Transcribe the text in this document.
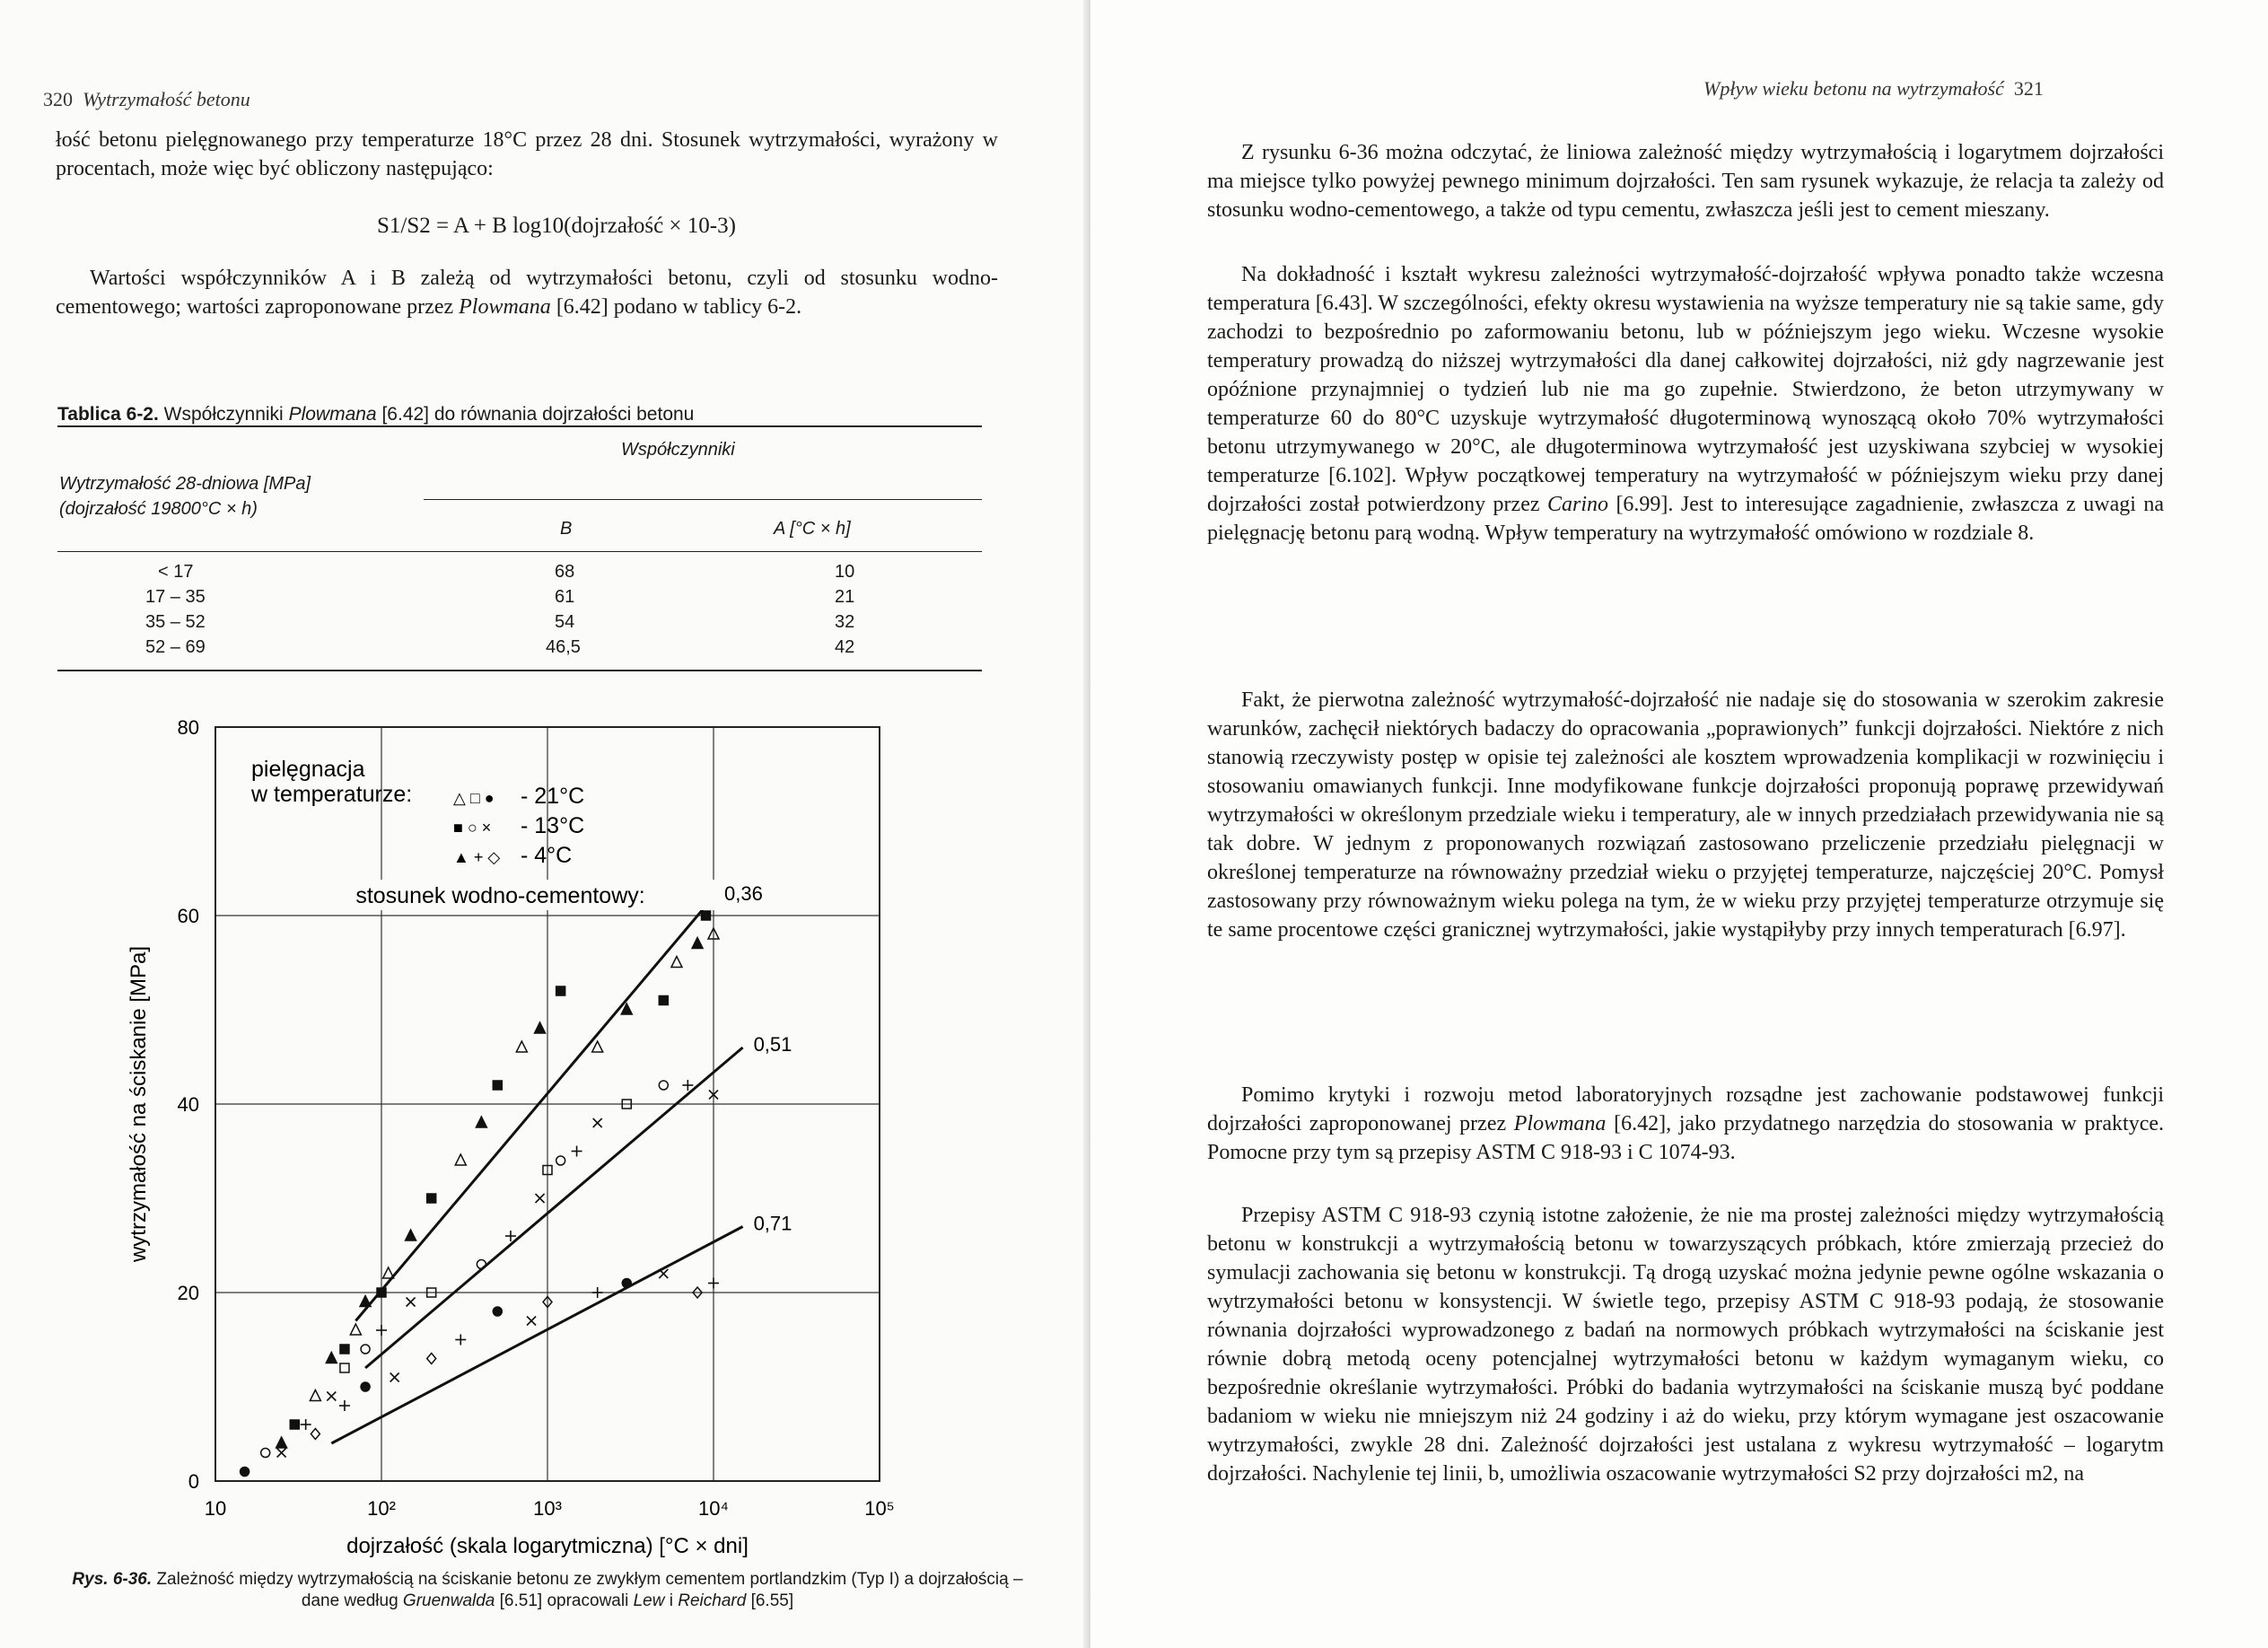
320 Wytrzymałość betonu

łość betonu pielęgnowanego przy temperaturze 18°C przez 28 dni. Stosunek wytrzymałości, wyrażony w procentach, może więc być obliczony następująco:

S1/S2 = A + B log10(dojrzałość × 10-3)

Wartości współczynników A i B zależą od wytrzymałości betonu, czyli od stosunku wodno-cementowego; wartości zaproponowane przez Plowmana [6.42] podano w tablicy 6-2.

Tablica 6-2. Współczynniki Plowmana [6.42] do równania dojrzałości betonu
Współczynniki
Wytrzymałość 28-dniowa [MPa]
(dojrzałość 19800°C × h)
B	A [°C × h]
< 17	68	10
17 – 35	61	21
35 – 52	54	32
52 – 69	46,5	42
0
20
40
60
80
10	10²	10³	10⁴	10⁵
dojrzałość (skala logarytmiczna) [°C × dni]
wytrzymałość na ściskanie [MPa]
0,36
0,51
0,71
pielęgnacja
w temperaturze:	△ □ ● - 21°C
■ ○ × - 13°C
▲ + ◇ - 4°C
stosunek wodno-cementowy:
Rys. 6-36. Zależność między wytrzymałością na ściskanie betonu ze zwykłym cementem portlandzkim (Typ I) a dojrzałością – dane według Gruenwalda [6.51] opracowali Lew i Reichard [6.55]
Wpływ wieku betonu na wytrzymałość 321

Z rysunku 6-36 można odczytać, że liniowa zależność między wytrzymałością i logarytmem dojrzałości ma miejsce tylko powyżej pewnego minimum dojrzałości. Ten sam rysunek wykazuje, że relacja ta zależy od stosunku wodno-cementowego, a także od typu cementu, zwłaszcza jeśli jest to cement mieszany.

Na dokładność i kształt wykresu zależności wytrzymałość-dojrzałość wpływa ponadto także wczesna temperatura [6.43]. W szczególności, efekty okresu wystawienia na wyższe temperatury nie są takie same, gdy zachodzi to bezpośrednio po zaformowaniu betonu, lub w późniejszym jego wieku. Wczesne wysokie temperatury prowadzą do niższej wytrzymałości dla danej całkowitej dojrzałości, niż gdy nagrzewanie jest opóźnione przynajmniej o tydzień lub nie ma go zupełnie. Stwierdzono, że beton utrzymywany w temperaturze 60 do 80°C uzyskuje wytrzymałość długoterminową wynoszącą około 70% wytrzymałości betonu utrzymywanego w 20°C, ale długoterminowa wytrzymałość jest uzyskiwana szybciej w wysokiej temperaturze [6.102]. Wpływ początkowej temperatury na wytrzymałość w późniejszym wieku przy danej dojrzałości został potwierdzony przez Carino [6.99]. Jest to interesujące zagadnienie, zwłaszcza z uwagi na pielęgnację betonu parą wodną. Wpływ temperatury na wytrzymałość omówiono w rozdziale 8.

Fakt, że pierwotna zależność wytrzymałość-dojrzałość nie nadaje się do stosowania w szerokim zakresie warunków, zachęcił niektórych badaczy do opracowania „poprawionych” funkcji dojrzałości. Niektóre z nich stanowią rzeczywisty postęp w opisie tej zależności ale kosztem wprowadzenia komplikacji w rozwinięciu i stosowaniu omawianych funkcji. Inne modyfikowane funkcje dojrzałości proponują poprawę przewidywań wytrzymałości w określonym przedziale wieku i temperatury, ale w innych przedziałach przewidywania nie są tak dobre. W jednym z proponowanych rozwiązań zastosowano przeliczenie przedziału pielęgnacji w określonej temperaturze na równoważny przedział wieku o przyjętej temperaturze, najczęściej 20°C. Pomysł zastosowany przy równoważnym wieku polega na tym, że w wieku przy przyjętej temperaturze otrzymuje się te same procentowe części granicznej wytrzymałości, jakie wystąpiłyby przy innych temperaturach [6.97].

Pomimo krytyki i rozwoju metod laboratoryjnych rozsądne jest zachowanie podstawowej funkcji dojrzałości zaproponowanej przez Plowmana [6.42], jako przydatnego narzędzia do stosowania w praktyce. Pomocne przy tym są przepisy ASTM C 918-93 i C 1074-93.

Przepisy ASTM C 918-93 czynią istotne założenie, że nie ma prostej zależności między wytrzymałością betonu w konstrukcji a wytrzymałością betonu w towarzyszących próbkach, które zmierzają przecież do symulacji zachowania się betonu w konstrukcji. Tą drogą uzyskać można jedynie pewne ogólne wskazania o wytrzymałości betonu w konsystencji. W świetle tego, przepisy ASTM C 918-93 podają, że stosowanie równania dojrzałości wyprowadzonego z badań na normowych próbkach wytrzymałości na ściskanie jest równie dobrą metodą oceny potencjalnej wytrzymałości betonu w każdym wymaganym wieku, co bezpośrednie określanie wytrzymałości. Próbki do badania wytrzymałości na ściskanie muszą być poddane badaniom w wieku nie mniejszym niż 24 godziny i aż do wieku, przy którym wymagane jest oszacowanie wytrzymałości, zwykle 28 dni. Zależność dojrzałości jest ustalana z wykresu wytrzymałość – logarytm dojrzałości. Nachylenie tej linii, b, umożliwia oszacowanie wytrzymałości S2 przy dojrzałości m2, na
